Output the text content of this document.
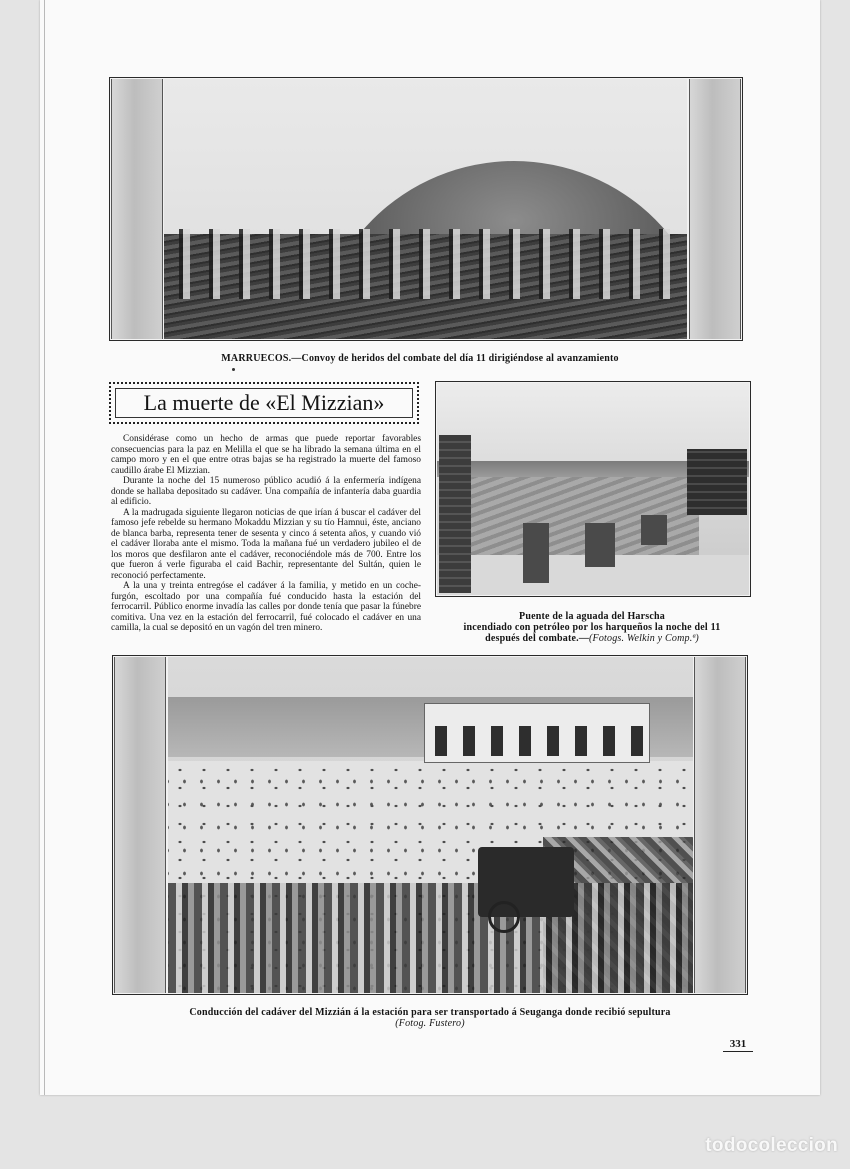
MARRUECOS.—Convoy de heridos del combate del día 11 dirigiéndose al avanzamiento
La muerte de «El Mizzian»

Considérase como un hecho de armas que puede reportar favorables consecuencias para la paz en Melilla el que se ha librado la semana última en el campo moro y en el que entre otras bajas se ha registrado la muerte del famoso caudillo árabe El Mizzian.

Durante la noche del 15 numeroso público acudió á la enfermería indígena donde se hallaba depositado su cadáver. Una compañía de infantería daba guardia al edificio.

A la madrugada siguiente llegaron noticias de que irían á buscar el cadáver del famoso jefe rebelde su hermano Mokaddu Mizzian y su tío Hamnui, éste, anciano de blanca barba, representa tener de sesenta y cinco á setenta años, y cuando vió el cadáver lloraba ante el mismo. Toda la mañana fué un verdadero jubileo el de los moros que desfilaron ante el cadáver, reconociéndole más de 700. Entre los que fueron á verle figuraba el caid Bachir, representante del Sultán, quien le reconoció perfectamente.

A la una y treinta entregóse el cadáver á la familia, y metido en un coche-furgón, escoltado por una compañía fué conducido hasta la estación del ferrocarril. Público enorme invadía las calles por donde tenía que pasar la fúnebre comitiva. Una vez en la estación del ferrocarril, fué colocado el cadáver en una camilla, la cual se depositó en un vagón del tren minero.

Puente de la aguada del Harscha
incendiado con petróleo por los harqueños la noche del 11
después del combate.—(Fotogs. Welkin y Comp.ª)
Conducción del cadáver del Mizzián á la estación para ser transportado á Seuganga donde recibió sepultura
(Fotog. Fustero)
331
todocoleccion
